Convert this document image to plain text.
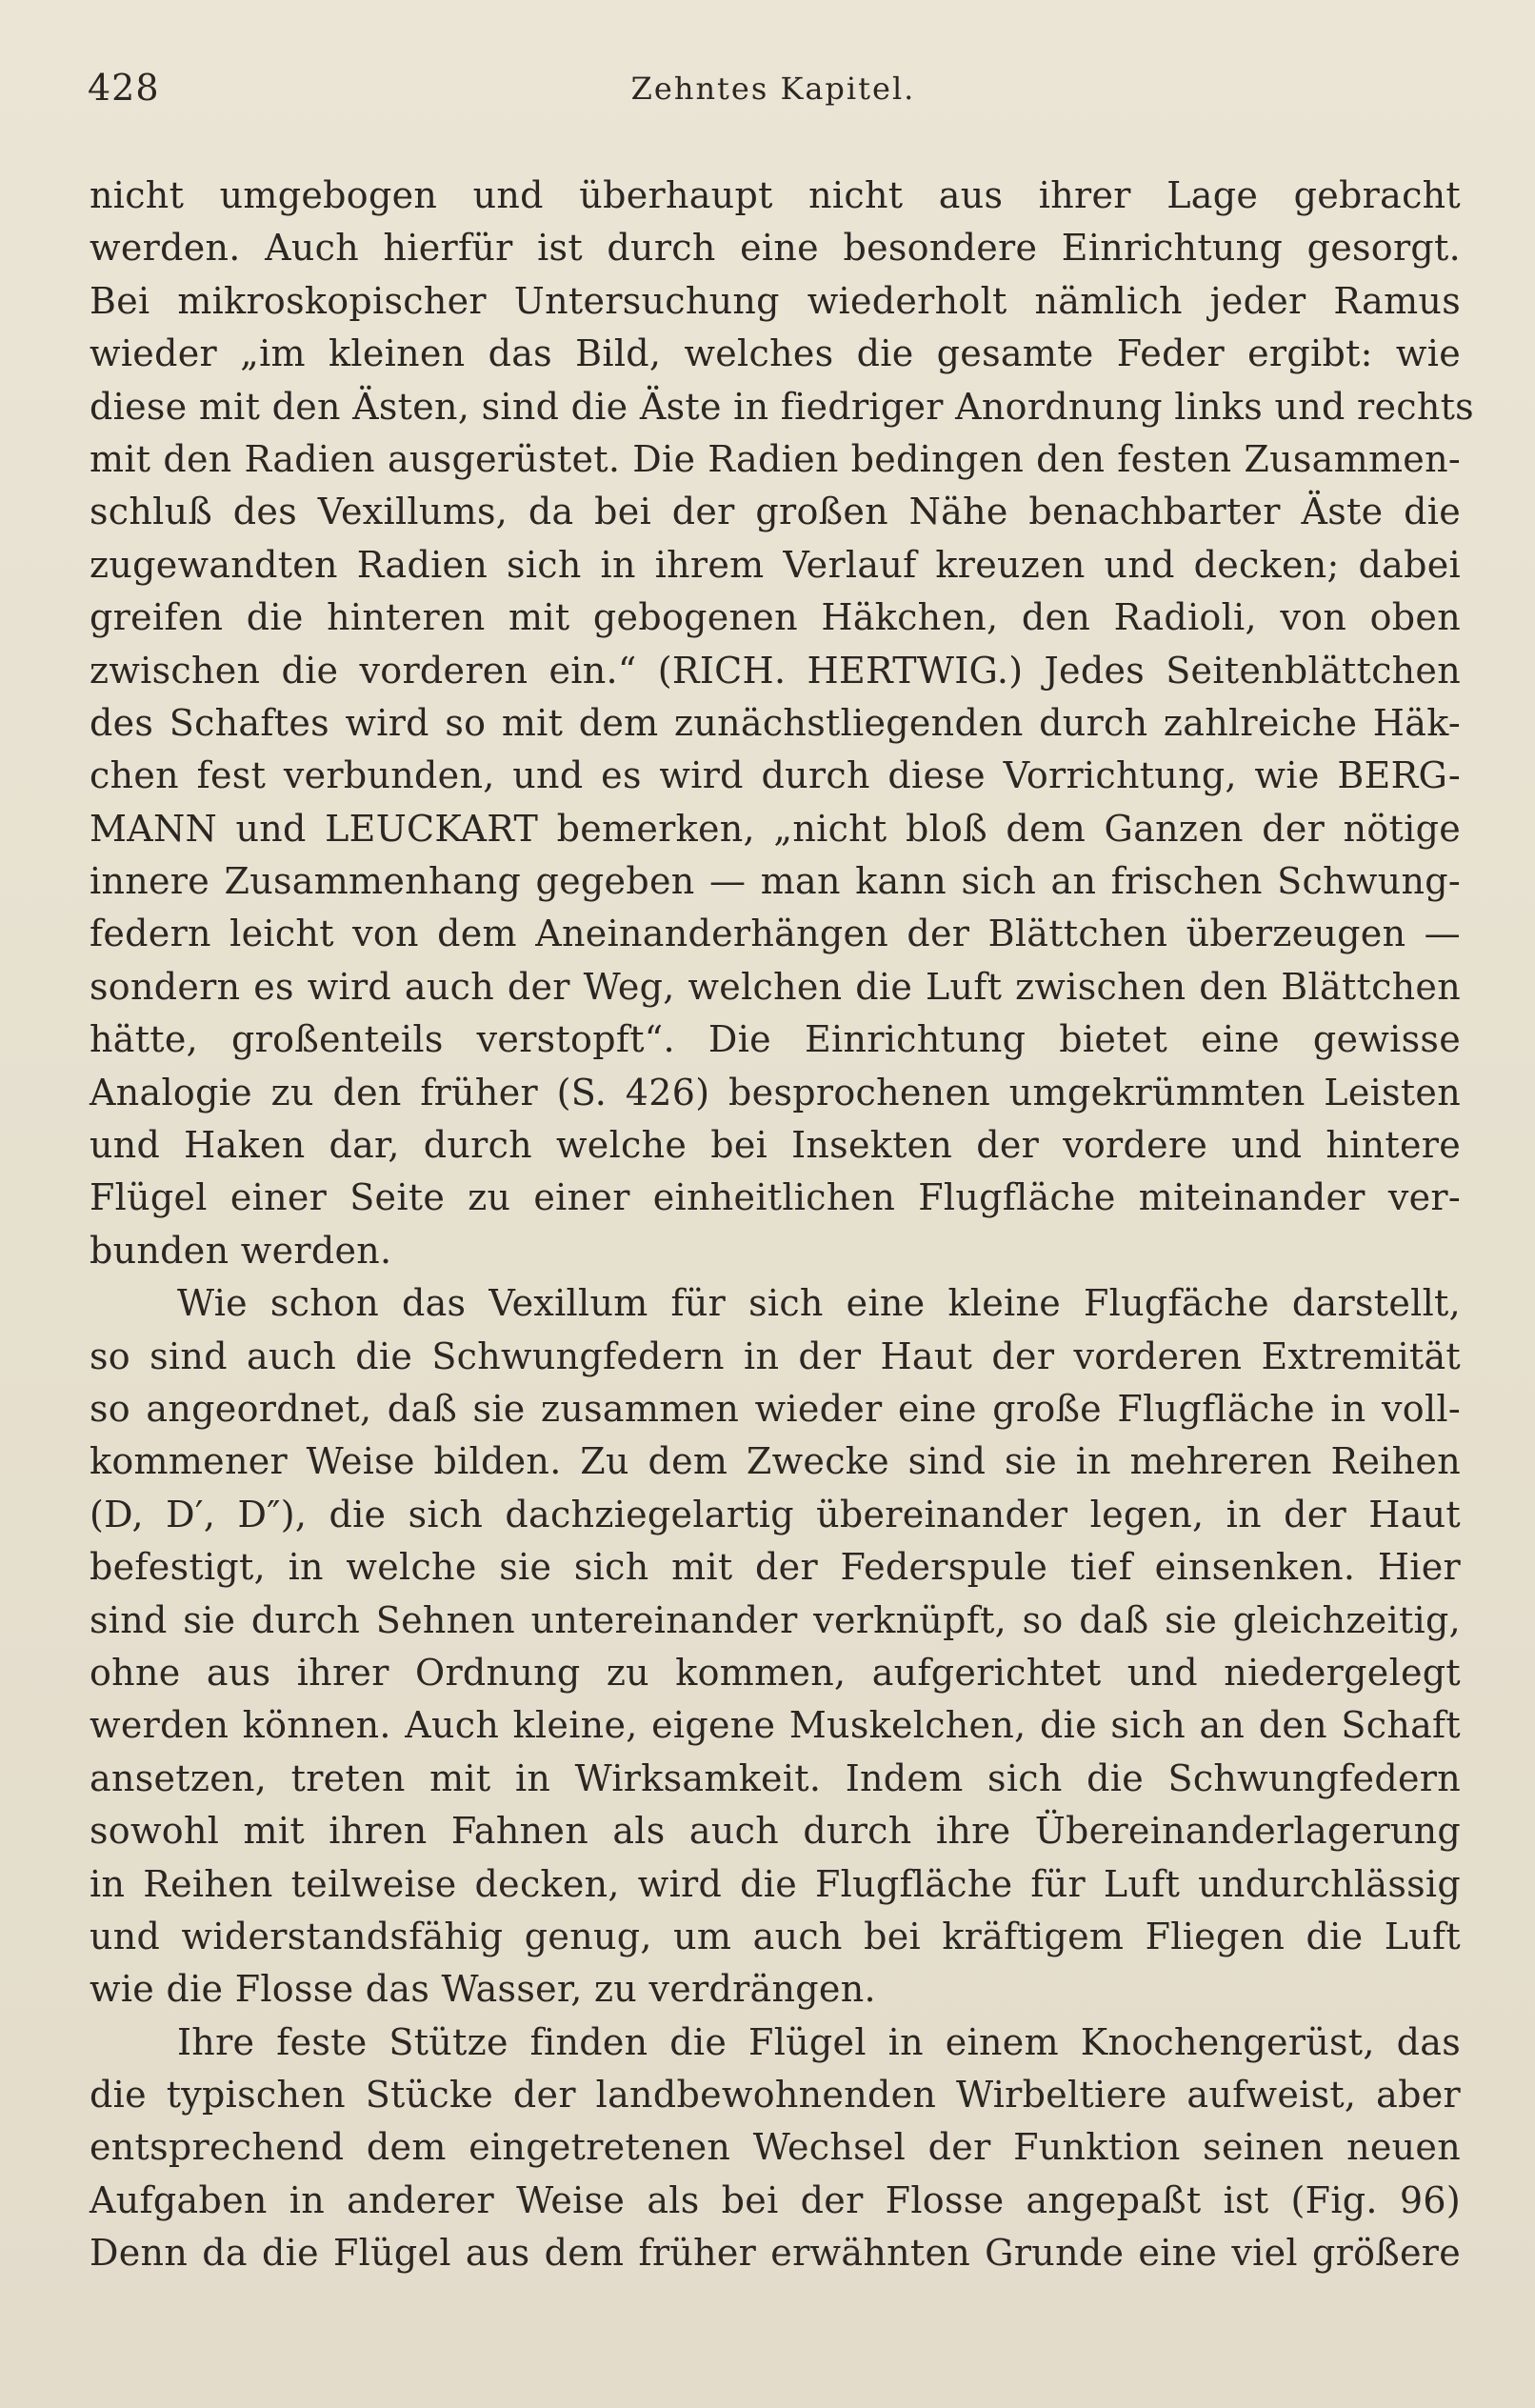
428	Zehntes Kapitel.
nicht umgebogen und überhaupt nicht aus ihrer Lage gebracht
werden. Auch hierfür ist durch eine besondere Einrichtung gesorgt.
Bei mikroskopischer Untersuchung wiederholt nämlich jeder Ramus
wieder „im kleinen das Bild, welches die gesamte Feder ergibt: wie
diese mit den Ästen, sind die Äste in fiedriger Anordnung links und rechts
mit den Radien ausgerüstet. Die Radien bedingen den festen Zusammen-
schluß des Vexillums, da bei der großen Nähe benachbarter Äste die
zugewandten Radien sich in ihrem Verlauf kreuzen und decken; dabei
greifen die hinteren mit gebogenen Häkchen, den Radioli, von oben
zwischen die vorderen ein.“ (RICH. HERTWIG.) Jedes Seitenblättchen
des Schaftes wird so mit dem zunächstliegenden durch zahlreiche Häk-
chen fest verbunden, und es wird durch diese Vorrichtung, wie BERG-
MANN und LEUCKART bemerken, „nicht bloß dem Ganzen der nötige
innere Zusammenhang gegeben — man kann sich an frischen Schwung-
federn leicht von dem Aneinanderhängen der Blättchen überzeugen —
sondern es wird auch der Weg, welchen die Luft zwischen den Blättchen
hätte, großenteils verstopft“. Die Einrichtung bietet eine gewisse
Analogie zu den früher (S. 426) besprochenen umgekrümmten Leisten
und Haken dar, durch welche bei Insekten der vordere und hintere
Flügel einer Seite zu einer einheitlichen Flugfläche miteinander ver-
bunden werden.
Wie schon das Vexillum für sich eine kleine Flugfäche darstellt,
so sind auch die Schwungfedern in der Haut der vorderen Extremität
so angeordnet, daß sie zusammen wieder eine große Flugfläche in voll-
kommener Weise bilden. Zu dem Zwecke sind sie in mehreren Reihen
(D, D′, D″), die sich dachziegelartig übereinander legen, in der Haut
befestigt, in welche sie sich mit der Federspule tief einsenken. Hier
sind sie durch Sehnen untereinander verknüpft, so daß sie gleichzeitig,
ohne aus ihrer Ordnung zu kommen, aufgerichtet und niedergelegt
werden können. Auch kleine, eigene Muskelchen, die sich an den Schaft
ansetzen, treten mit in Wirksamkeit. Indem sich die Schwungfedern
sowohl mit ihren Fahnen als auch durch ihre Übereinanderlagerung
in Reihen teilweise decken, wird die Flugfläche für Luft undurchlässig
und widerstandsfähig genug, um auch bei kräftigem Fliegen die Luft
wie die Flosse das Wasser, zu verdrängen.
Ihre feste Stütze finden die Flügel in einem Knochengerüst, das
die typischen Stücke der landbewohnenden Wirbeltiere aufweist, aber
entsprechend dem eingetretenen Wechsel der Funktion seinen neuen
Aufgaben in anderer Weise als bei der Flosse angepaßt ist (Fig. 96)
Denn da die Flügel aus dem früher erwähnten Grunde eine viel größere
